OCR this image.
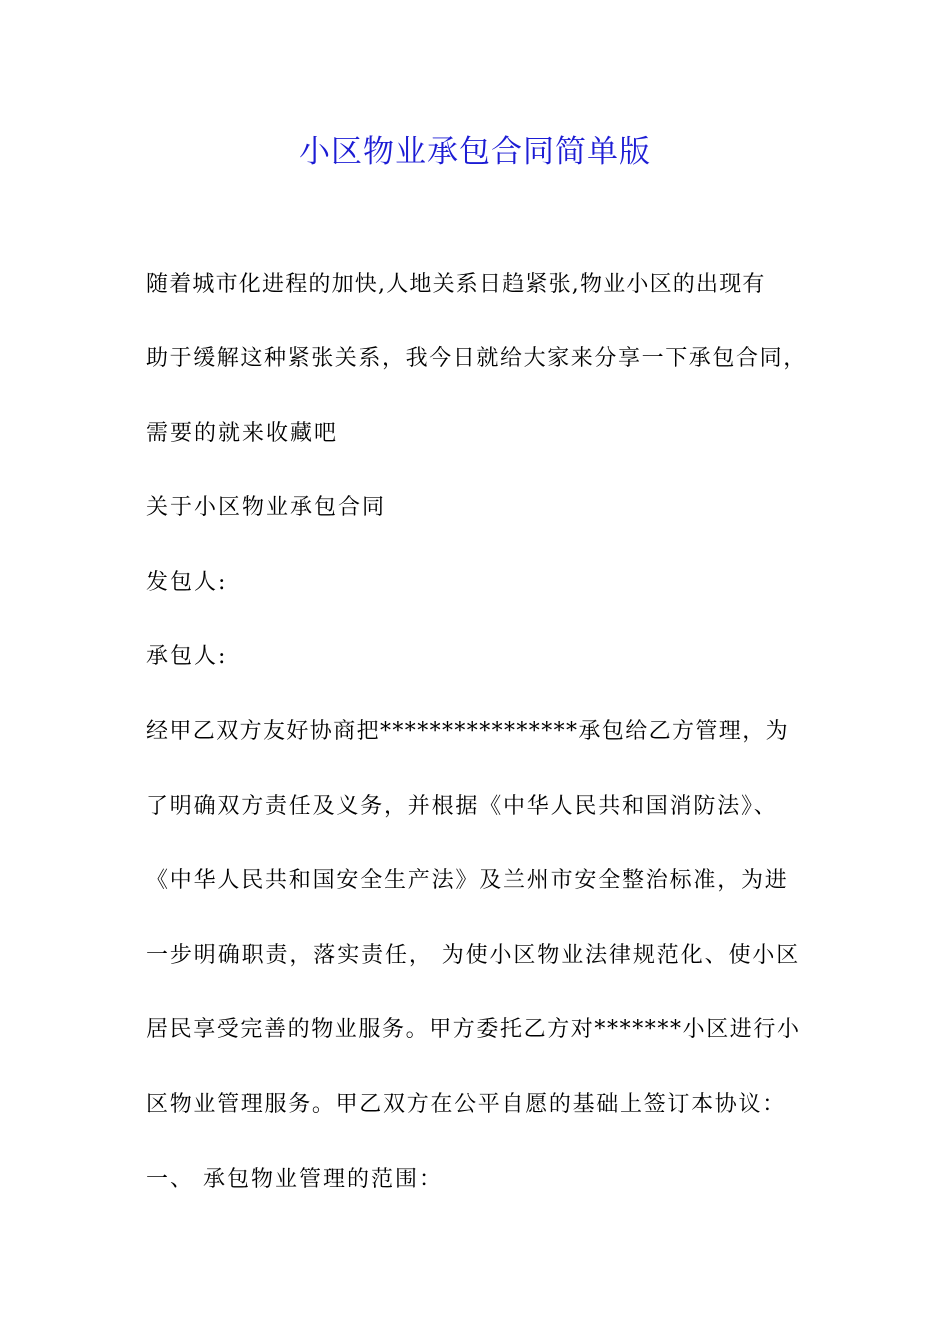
小区物业承包合同简单版

随着城市化进程的加快,人地关系日趋紧张,物业小区的出现有

助于缓解这种紧张关系，我今日就给大家来分享一下承包合同，

需要的就来收藏吧

关于小区物业承包合同

发包人:

承包人:

经甲乙双方友好协商把****************承包给乙方管理，为

了明确双方责任及义务，并根据《中华人民共和国消防法》、

《中华人民共和国安全生产法》及兰州市安全整治标准，为进

一步明确职责，落实责任， 为使小区物业法律规范化、使小区

居民享受完善的物业服务。甲方委托乙方对*******小区进行小

区物业管理服务。甲乙双方在公平自愿的基础上签订本协议：

一、 承包物业管理的范围：
